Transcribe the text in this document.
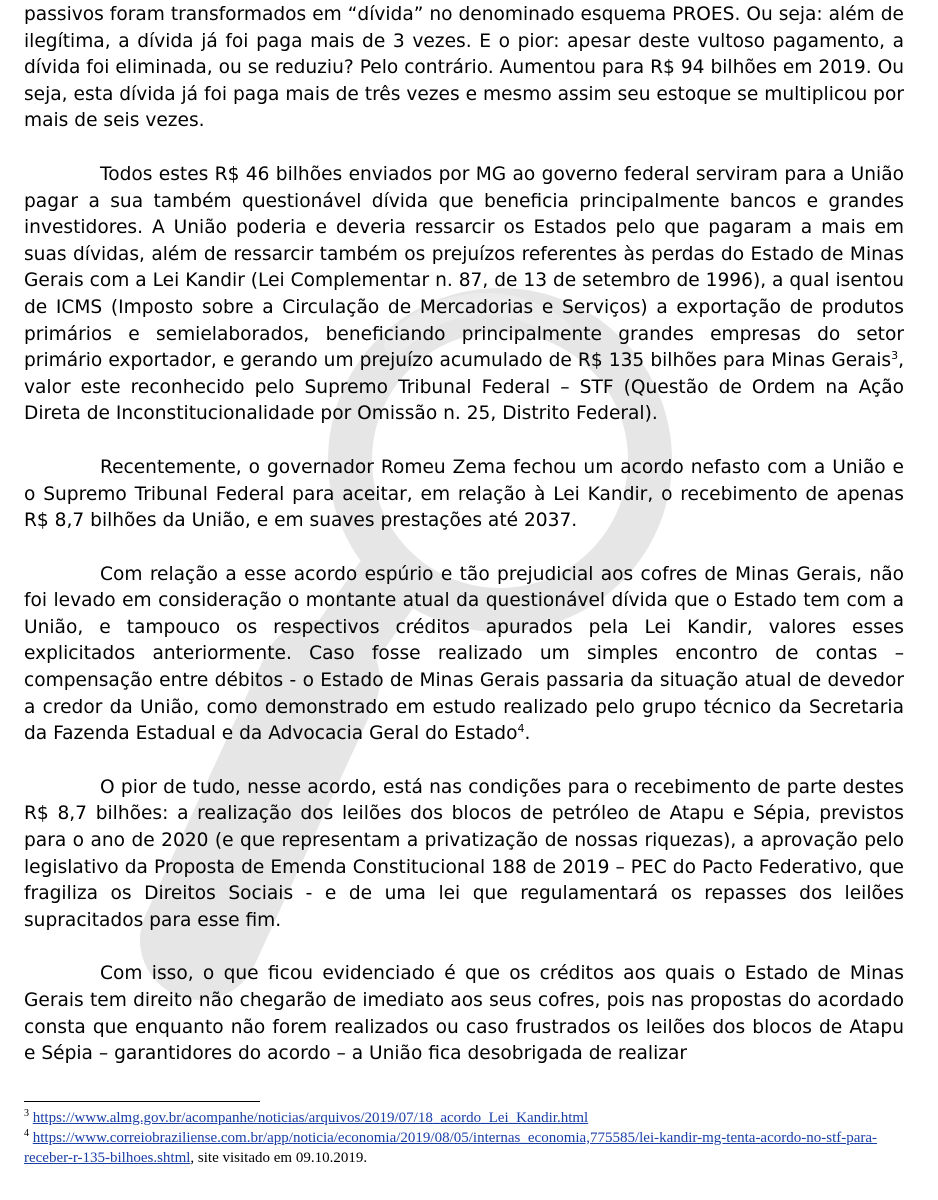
passivos foram transformados em “dívida” no denominado esquema PROES. Ou seja: além de ilegítima, a dívida já foi paga mais de 3 vezes. E o pior: apesar deste vultoso pagamento, a dívida foi eliminada, ou se reduziu? Pelo contrário. Aumentou para R$ 94 bilhões em 2019. Ou seja, esta dívida já foi paga mais de três vezes e mesmo assim seu estoque se multiplicou por mais de seis vezes.

Todos estes R$ 46 bilhões enviados por MG ao governo federal serviram para a União pagar a sua também questionável dívida que beneficia principalmente bancos e grandes investidores. A União poderia e deveria ressarcir os Estados pelo que pagaram a mais em suas dívidas, além de ressarcir também os prejuízos referentes às perdas do Estado de Minas Gerais com a Lei Kandir (Lei Complementar n. 87, de 13 de setembro de 1996), a qual isentou de ICMS (Imposto sobre a Circulação de Mercadorias e Serviços) a exportação de produtos primários e semielaborados, beneficiando principalmente grandes empresas do setor primário exportador, e gerando um prejuízo acumulado de R$ 135 bilhões para Minas Gerais$^3$, valor este reconhecido pelo Supremo Tribunal Federal – STF (Questão de Ordem na Ação Direta de Inconstitucionalidade por Omissão n. 25, Distrito Federal).

Recentemente, o governador Romeu Zema fechou um acordo nefasto com a União e o Supremo Tribunal Federal para aceitar, em relação à Lei Kandir, o recebimento de apenas R$ 8,7 bilhões da União, e em suaves prestações até 2037.

Com relação a esse acordo espúrio e tão prejudicial aos cofres de Minas Gerais, não foi levado em consideração o montante atual da questionável dívida que o Estado tem com a União, e tampouco os respectivos créditos apurados pela Lei Kandir, valores esses explicitados anteriormente. Caso fosse realizado um simples encontro de contas – compensação entre débitos - o Estado de Minas Gerais passaria da situação atual de devedor a credor da União, como demonstrado em estudo realizado pelo grupo técnico da Secretaria da Fazenda Estadual e da Advocacia Geral do Estado$^4$.

O pior de tudo, nesse acordo, está nas condições para o recebimento de parte destes R$ 8,7 bilhões: a realização dos leilões dos blocos de petróleo de Atapu e Sépia, previstos para o ano de 2020 (e que representam a privatização de nossas riquezas), a aprovação pelo legislativo da Proposta de Emenda Constitucional 188 de 2019 – PEC do Pacto Federativo, que fragiliza os Direitos Sociais - e de uma lei que regulamentará os repasses dos leilões supracitados para esse fim.

Com isso, o que ficou evidenciado é que os créditos aos quais o Estado de Minas Gerais tem direito não chegarão de imediato aos seus cofres, pois nas propostas do acordado consta que enquanto não forem realizados ou caso frustrados os leilões dos blocos de Atapu e Sépia – garantidores do acordo – a União fica desobrigada de realizar

$^3$ https://www.almg.gov.br/acompanhe/noticias/arquivos/2019/07/18_acordo_Lei_Kandir.html

$^4$ https://www.correiobraziliense.com.br/app/noticia/economia/2019/08/05/internas_economia,775585/lei-kandir-mg-tenta-acordo-no-stf-para-receber-r-135-bilhoes.shtml, site visitado em 09.10.2019.
